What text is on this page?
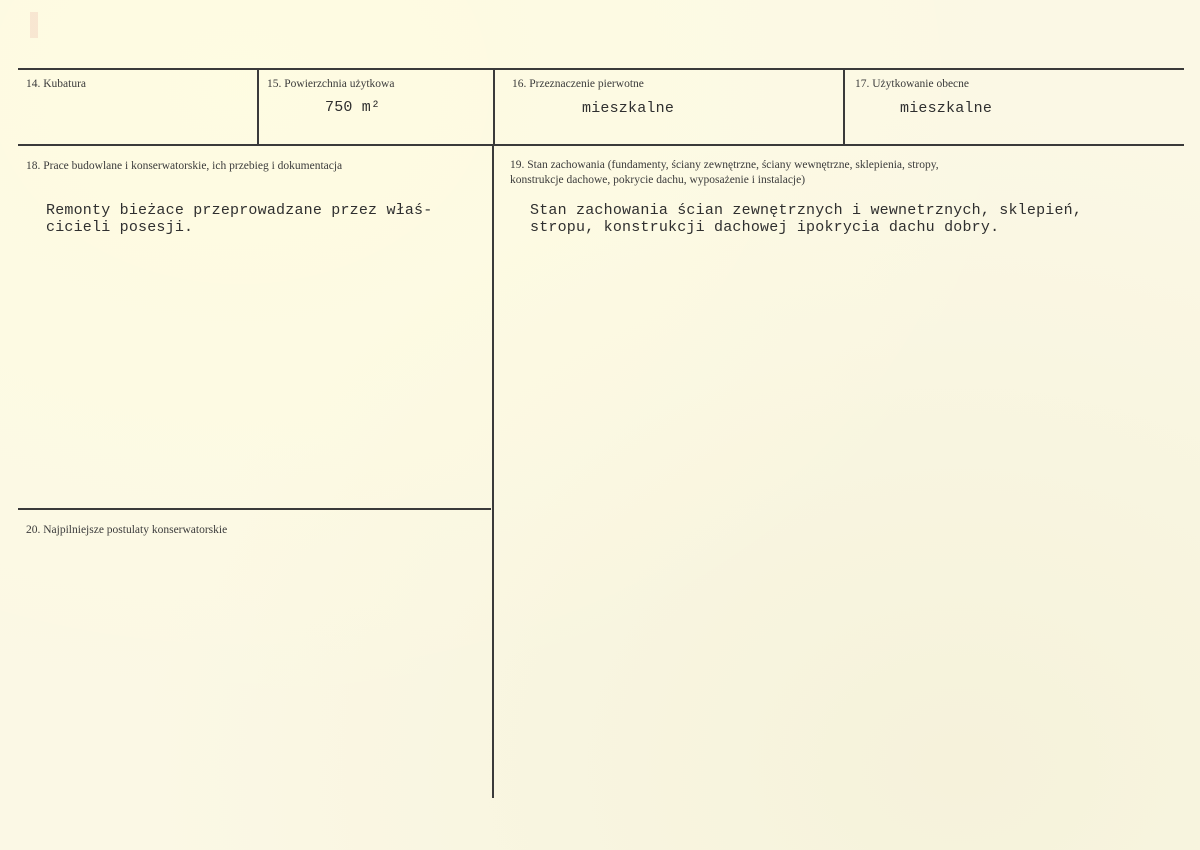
14. Kubatura	15. Powierzchnia użytkowa
750 m²
16. Przeznaczenie pierwotne
mieszkalne
17. Użytkowanie obecne
mieszkalne
18. Prace budowlane i konserwatorskie, ich przebieg i dokumentacja
Remonty bieżace przeprowadzane przez właś-
cicieli posesji.
19. Stan zachowania (fundamenty, ściany zewnętrzne, ściany wewnętrzne, sklepienia, stropy,
konstrukcje dachowe, pokrycie dachu, wyposażenie i instalacje)
Stan zachowania ścian zewnętrznych i wewnetrznych, sklepień,
stropu, konstrukcji dachowej ipokrycia dachu dobry.
20. Najpilniejsze postulaty konserwatorskie
